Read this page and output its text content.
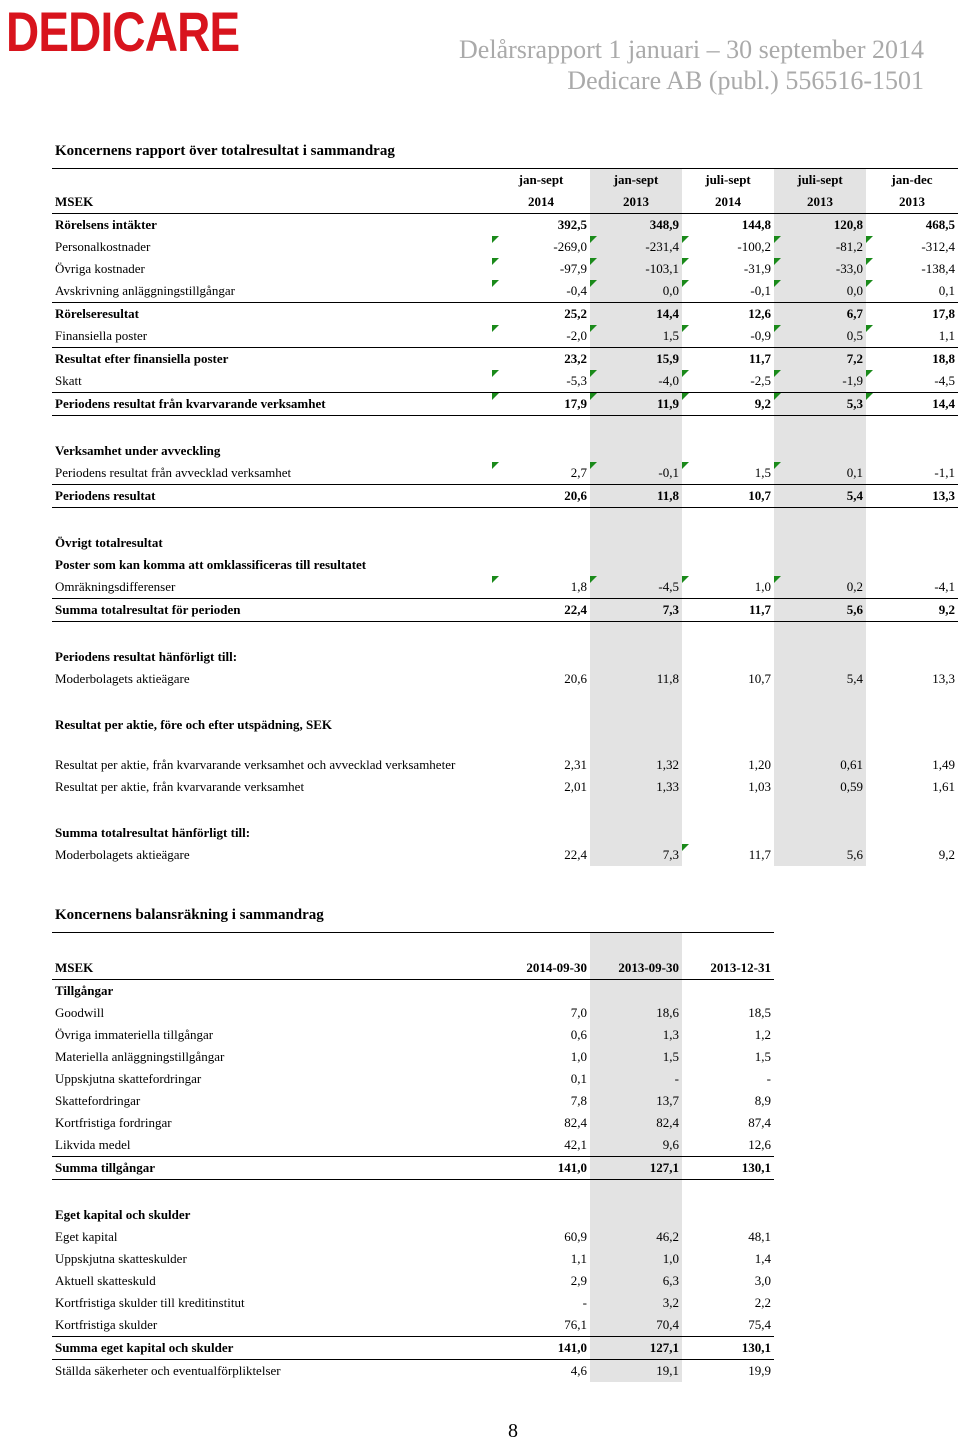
DEDICARE	Delårsrapport 1 januari – 30 september 2014
Dedicare AB (publ.) 556516-1501
Koncernens rapport över totalresultat i sammandrag
	jan-sept	jan-sept	juli-sept	juli-sept	jan-dec
MSEK	2014	2013	2014	2013	2013
Rörelsens intäkter	392,5	348,9	144,8	120,8	468,5
Personalkostnader	-269,0	-231,4	-100,2	-81,2	-312,4
Övriga kostnader	-97,9	-103,1	-31,9	-33,0	-138,4
Avskrivning anläggningstillgångar	-0,4	0,0	-0,1	0,0	0,1
Rörelseresultat	25,2	14,4	12,6	6,7	17,8
Finansiella poster	-2,0	1,5	-0,9	0,5	1,1
Resultat efter finansiella poster	23,2	15,9	11,7	7,2	18,8
Skatt	-5,3	-4,0	-2,5	-1,9	-4,5
Periodens resultat från kvarvarande verksamhet	17,9	11,9	9,2	5,3	14,4

Verksamhet under avveckling					
Periodens resultat från avvecklad verksamhet	2,7	-0,1	1,5	0,1	-1,1
Periodens resultat	20,6	11,8	10,7	5,4	13,3

Övrigt totalresultat					
Poster som kan komma att omklassificeras till resultatet					
Omräkningsdifferenser	1,8	-4,5	1,0	0,2	-4,1
Summa totalresultat för perioden	22,4	7,3	11,7	5,6	9,2

Periodens resultat hänförligt till:					
Moderbolagets aktieägare	20,6	11,8	10,7	5,4	13,3

Resultat per aktie, före och efter utspädning, SEK					
Resultat per aktie, från kvarvarande verksamhet och avvecklad verksamheter	2,31	1,32	1,20	0,61	1,49
Resultat per aktie, från kvarvarande verksamhet	2,01	1,33	1,03	0,59	1,61

Summa totalresultat hänförligt till:					
Moderbolagets aktieägare	22,4	7,3	11,7	5,6	9,2
Koncernens balansräkning i sammandrag

MSEK	2014-09-30	2013-09-30	2013-12-31
Tillgångar			
Goodwill	7,0	18,6	18,5
Övriga immateriella tillgångar	0,6	1,3	1,2
Materiella anläggningstillgångar	1,0	1,5	1,5
Uppskjutna skattefordringar	0,1	-	-
Skattefordringar	7,8	13,7	8,9
Kortfristiga fordringar	82,4	82,4	87,4
Likvida medel	42,1	9,6	12,6
Summa tillgångar	141,0	127,1	130,1

Eget kapital och skulder			
Eget kapital	60,9	46,2	48,1
Uppskjutna skatteskulder	1,1	1,0	1,4
Aktuell skatteskuld	2,9	6,3	3,0
Kortfristiga skulder till kreditinstitut	-	3,2	2,2
Kortfristiga skulder	76,1	70,4	75,4
Summa eget kapital och skulder	141,0	127,1	130,1
Ställda säkerheter och eventualförpliktelser	4,6	19,1	19,9
8
